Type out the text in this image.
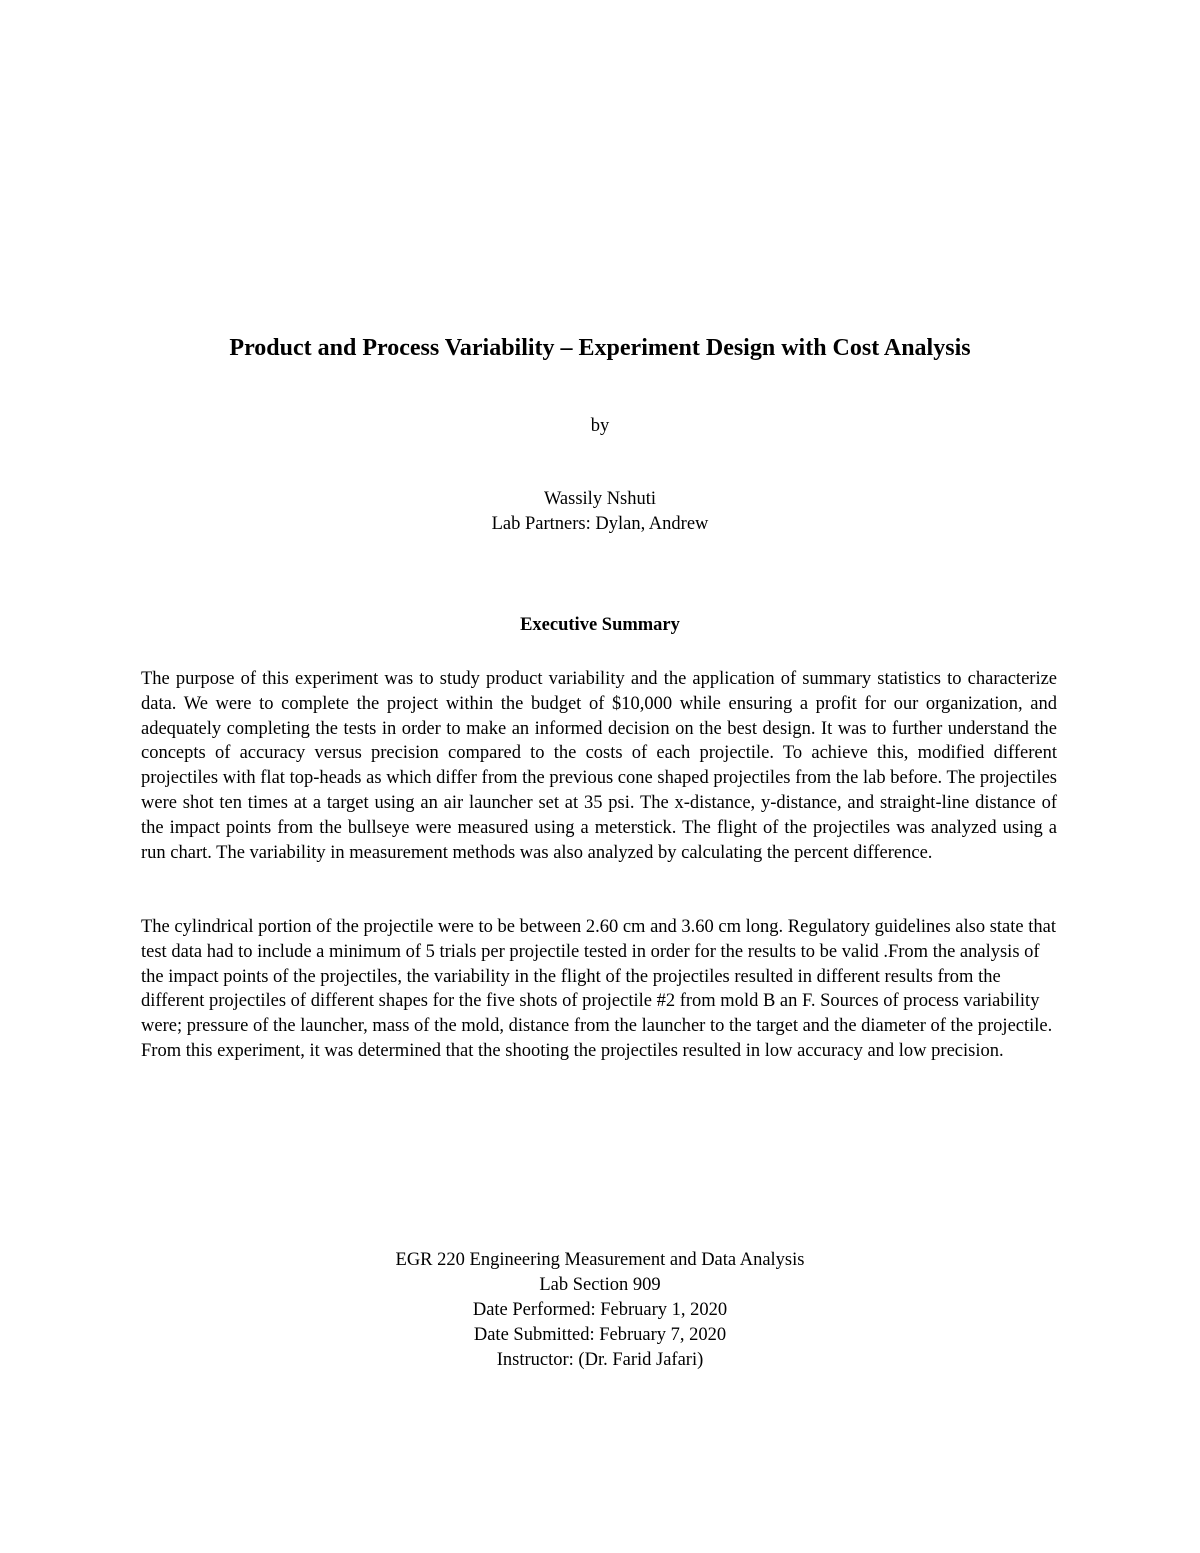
Product and Process Variability – Experiment Design with Cost Analysis

by

Wassily Nshuti

Lab Partners: Dylan, Andrew

Executive Summary

The purpose of this experiment was to study product variability and the application of summary statistics to characterize data. We were to complete the project within the budget of $10,000 while ensuring a profit for our organization, and adequately completing the tests in order to make an informed decision on the best design. It was to further understand the concepts of accuracy versus precision compared to the costs of each projectile. To achieve this, modified different projectiles with flat top-heads as which differ from the previous cone shaped projectiles from the lab before. The projectiles were shot ten times at a target using an air launcher set at 35 psi. The x-distance, y-distance, and straight-line distance of the impact points from the bullseye were measured using a meterstick. The flight of the projectiles was analyzed using a run chart. The variability in measurement methods was also analyzed by calculating the percent difference.

The cylindrical portion of the projectile were to be between 2.60 cm and 3.60 cm long. Regulatory guidelines also state that test data had to include a minimum of 5 trials per projectile tested in order for the results to be valid .From the analysis of the impact points of the projectiles, the variability in the flight of the projectiles resulted in different results from the different projectiles of different shapes for the five shots of projectile #2 from mold B an F. Sources of process variability were; pressure of the launcher, mass of the mold, distance from the launcher to the target and the diameter of the projectile. From this experiment, it was determined that the shooting the projectiles resulted in low accuracy and low precision.

EGR 220 Engineering Measurement and Data Analysis
Lab Section 909
Date Performed: February 1, 2020
Date Submitted: February 7, 2020
Instructor: (Dr. Farid Jafari)
